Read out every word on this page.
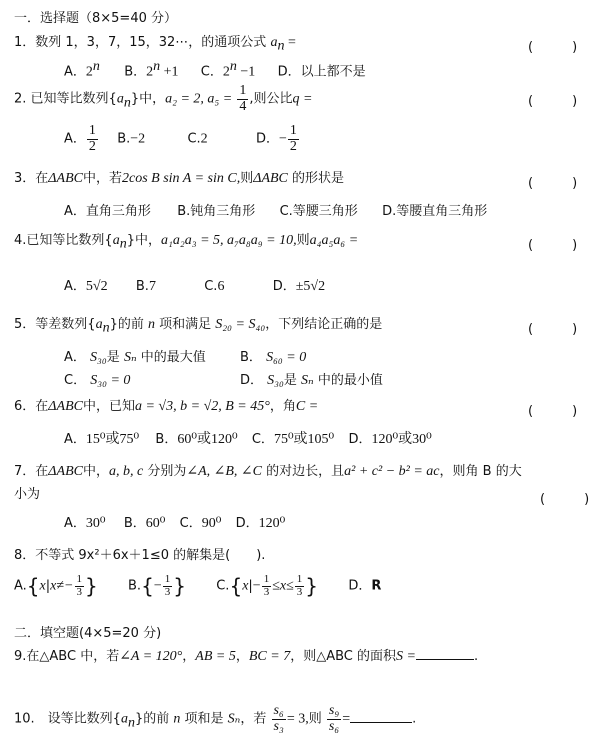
一．选择题（8×5=40 分）
1．数列 1，3，7，15，32⋯，的通项公式 $a_n$ =	(　　　)
A．2$^n$ B．$2^n +1$ C．$2^n -1$ D．以上都不是
2. 已知等比数列$\{a_n\}$中，a₂ = 2, $a_5 = \frac{1}{4}$ ,则公比q =	(　　　)
A． $\frac{1}{2} B.-2$	C.2	D．− $\frac{1}{2}$
3．在ΔABC中，若2cos B sin A = sin C,则ΔABC 的形状是	(　　　)
A．直角三角形 B.钝角三角形 C.等腰三角形 D.等腰直角三角形
4.已知等比数列$\{a_n\}$中，a₁a₂a₃ = 5, a₇a₈a₉ = 10,则a₄a₅a₆ =	(　　　)
A．5√2 B.7	C.6	D．±5√2
5．等差数列$\{a_n\}$的前 n 项和满足 S₂₀ = S₄₀，下列结论正确的是	(　　　)
A． S₃₀是 Sₙ 中的最大值	B． S₆₀ = 0
C． S₃₀ = 0	D． S₃₀是 Sₙ 中的最小值
6．在ΔABC中，已知a = √3, b = √2, B = 45°，角C =	(　　　)
A．15⁰或75⁰ B．60⁰或120⁰ C．75⁰或105⁰ D．120⁰或30⁰
7．在ΔABC中，a, b, c 分别为∠A, ∠B, ∠C 的对边长，且a² + c² − b² = ac，则角 B 的大
小为	(　　　)
A．30⁰ B．60⁰ C．90⁰ D．120⁰
8．不等式 9x²＋6x＋1≤0 的解集是(　　).
$A.\{x|x\ne- \frac{1}{3}$ } $B.\{- \frac{1}{3}$ } $C.\{x|- \frac{1}{3} \le x\le \frac{1}{3}$ } D．R
二．填空题(4×5=20 分)
9.在△ABC 中，若∠A = 120°，AB = 5，BC = 7，则△ABC 的面积S =	.
10.　设等比数列$\{a_n\}$的前 n 项和是 Sₙ，若 $\frac{\text{s₆}}{\text{s₃}} = 3$,则 $\frac{\text{s₉}}{\text{s₆}}$ =	.
